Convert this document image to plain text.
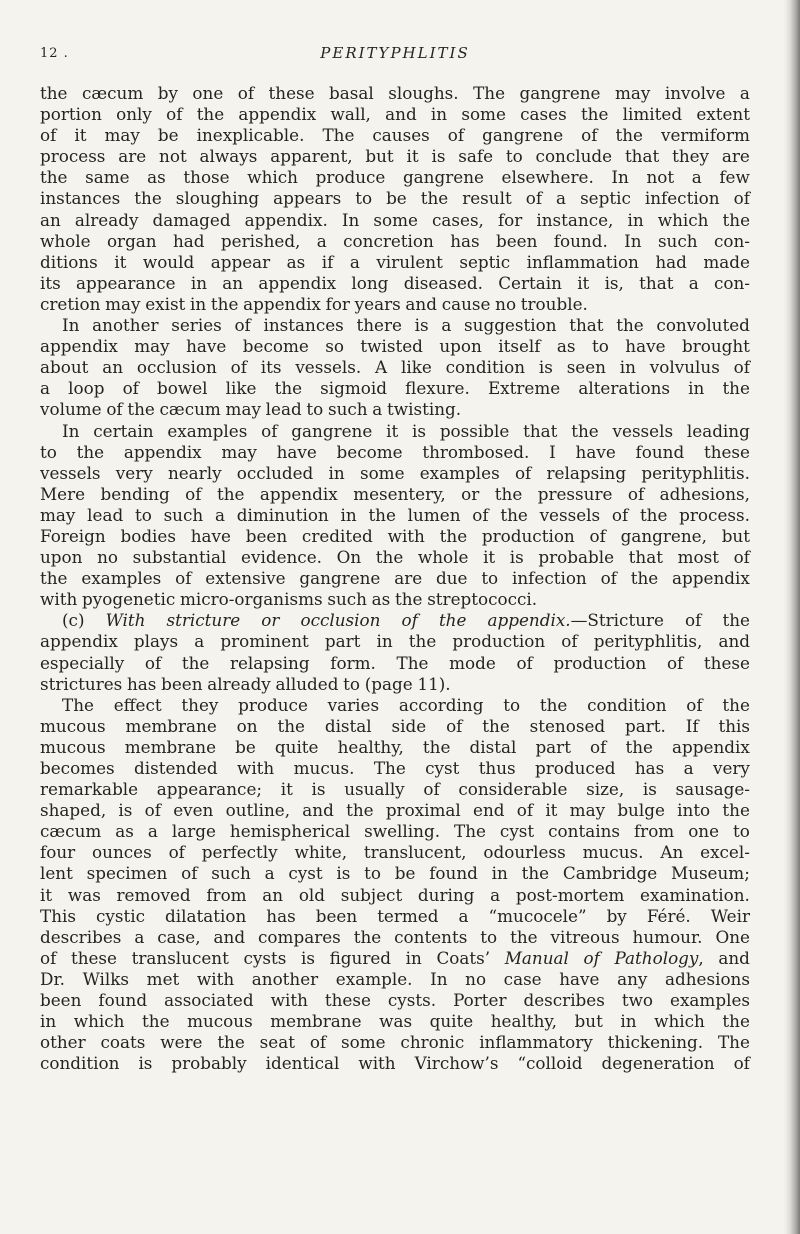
12 .	PERITYPHLITIS
the cæcum by one of these basal sloughs. The gangrene may involve a
portion only of the appendix wall, and in some cases the limited extent
of it may be inexplicable. The causes of gangrene of the vermiform
process are not always apparent, but it is safe to conclude that they are
the same as those which produce gangrene elsewhere. In not a few
instances the sloughing appears to be the result of a septic infection of
an already damaged appendix. In some cases, for instance, in which the
whole organ had perished, a concretion has been found. In such con-
ditions it would appear as if a virulent septic inflammation had made
its appearance in an appendix long diseased. Certain it is, that a con-
cretion may exist in the appendix for years and cause no trouble.
In another series of instances there is a suggestion that the convoluted
appendix may have become so twisted upon itself as to have brought
about an occlusion of its vessels. A like condition is seen in volvulus of
a loop of bowel like the sigmoid flexure. Extreme alterations in the
volume of the cæcum may lead to such a twisting.
In certain examples of gangrene it is possible that the vessels leading
to the appendix may have become thrombosed. I have found these
vessels very nearly occluded in some examples of relapsing perityphlitis.
Mere bending of the appendix mesentery, or the pressure of adhesions,
may lead to such a diminution in the lumen of the vessels of the process.
Foreign bodies have been credited with the production of gangrene, but
upon no substantial evidence. On the whole it is probable that most of
the examples of extensive gangrene are due to infection of the appendix
with pyogenetic micro-organisms such as the streptococci.
(c) With stricture or occlusion of the appendix.—Stricture of the
appendix plays a prominent part in the production of perityphlitis, and
especially of the relapsing form. The mode of production of these
strictures has been already alluded to (page 11).
The effect they produce varies according to the condition of the
mucous membrane on the distal side of the stenosed part. If this
mucous membrane be quite healthy, the distal part of the appendix
becomes distended with mucus. The cyst thus produced has a very
remarkable appearance; it is usually of considerable size, is sausage-
shaped, is of even outline, and the proximal end of it may bulge into the
cæcum as a large hemispherical swelling. The cyst contains from one to
four ounces of perfectly white, translucent, odourless mucus. An excel-
lent specimen of such a cyst is to be found in the Cambridge Museum;
it was removed from an old subject during a post-mortem examination.
This cystic dilatation has been termed a “mucocele” by Féré. Weir
describes a case, and compares the contents to the vitreous humour. One
of these translucent cysts is figured in Coats’ Manual of Pathology, and
Dr. Wilks met with another example. In no case have any adhesions
been found associated with these cysts. Porter describes two examples
in which the mucous membrane was quite healthy, but in which the
other coats were the seat of some chronic inflammatory thickening. The
condition is probably identical with Virchow’s “colloid degeneration of
